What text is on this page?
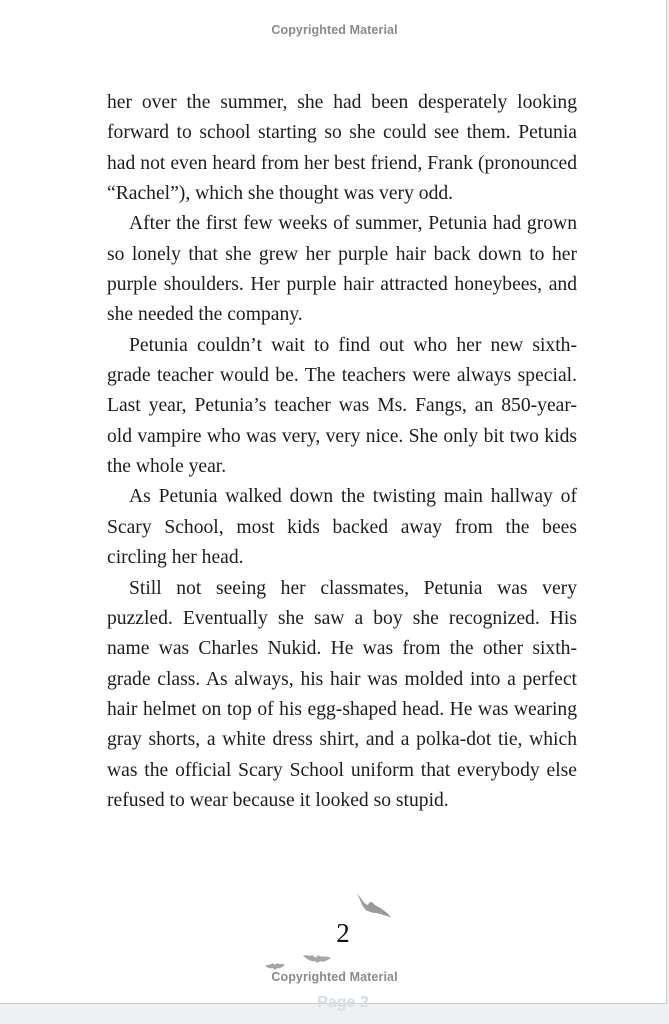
Copyrighted Material

her over the summer, she had been desperately looking forward to school starting so she could see them. Petunia had not even heard from her best friend, Frank (pronounced “Rachel”), which she thought was very odd.

After the first few weeks of summer, Petunia had grown so lonely that she grew her purple hair back down to her purple shoulders. Her purple hair attracted honeybees, and she needed the company.

Petunia couldn’t wait to find out who her new sixth-grade teacher would be. The teachers were always special. Last year, Petunia’s teacher was Ms. Fangs, an 850-year-old vampire who was very, very nice. She only bit two kids the whole year.

As Petunia walked down the twisting main hallway of Scary School, most kids backed away from the bees circling her head.

Still not seeing her classmates, Petunia was very puzzled. Eventually she saw a boy she recognized. His name was Charles Nukid. He was from the other sixth-grade class. As always, his hair was molded into a perfect hair helmet on top of his egg-shaped head. He was wearing gray shorts, a white dress shirt, and a polka-dot tie, which was the official Scary School uniform that everybody else refused to wear because it looked so stupid.

2
Copyrighted Material
Page 2
